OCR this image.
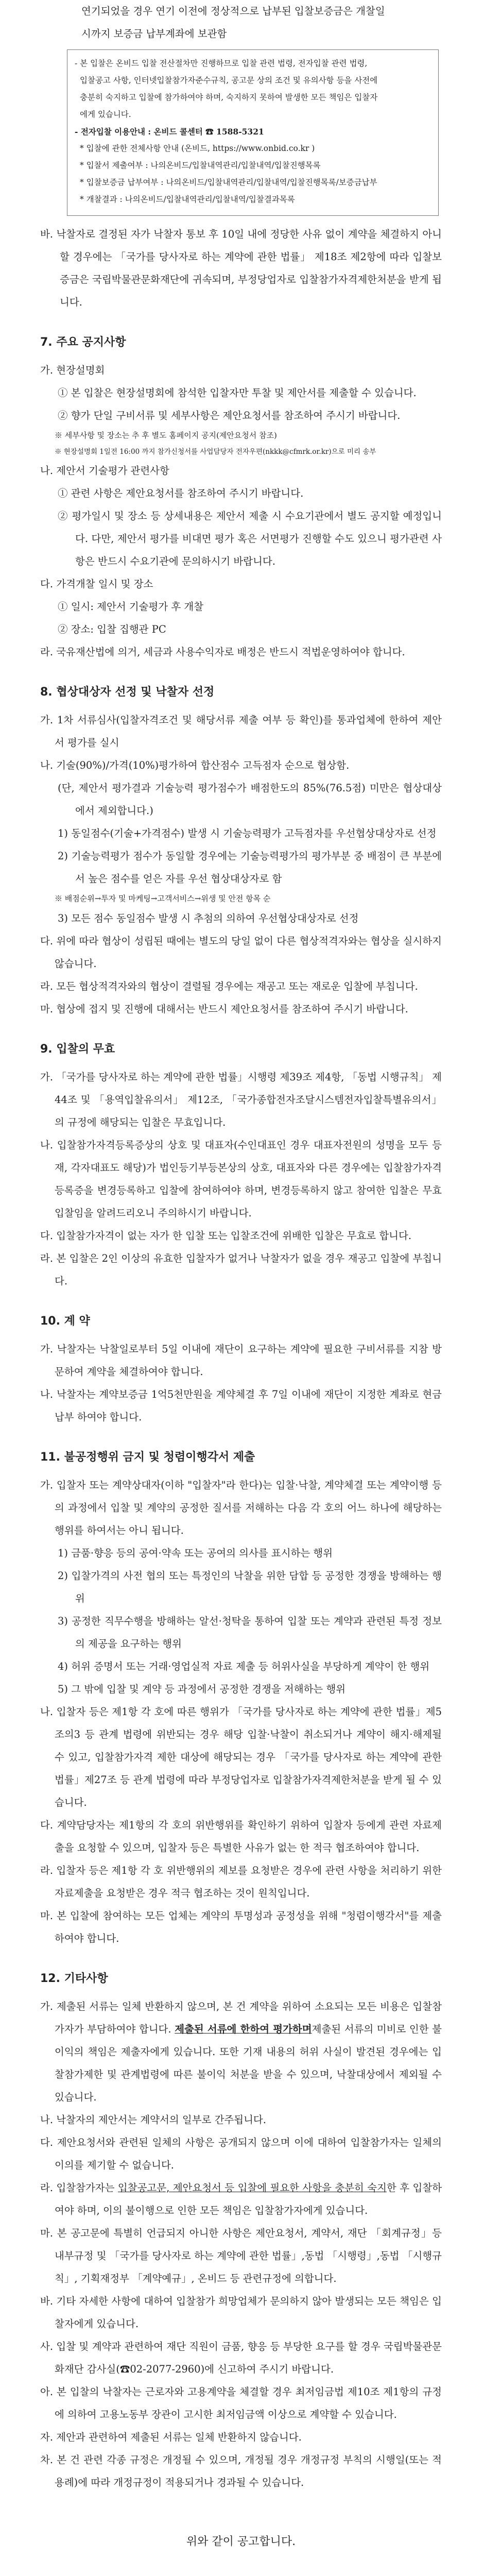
연기되었을 경우 연기 이전에 정상적으로 납부된 입찰보증금은 개찰일

시까지 보증금 납부계좌에 보관함

- 본 입찰은 온비드 입찰 전산절차만 진행하므로 입찰 관련 법령, 전자입찰 관련 법령,

입찰공고 사항, 인터넷입찰참가자준수규칙, 공고문 상의 조건 및 유의사항 등을 사전에

충분히 숙지하고 입찰에 참가하여야 하며, 숙지하지 못하여 발생한 모든 책임은 입찰자

에게 있습니다.

- 전자입찰 이용안내 : 온비드 콜센터 ☎ 1588-5321

* 입찰에 관한 전체사항 안내 (온비드, https://www.onbid.co.kr )

* 입찰서 제출여부 : 나의온비드/입찰내역관리/입찰내역/입찰진행목록

* 입찰보증금 납부여부 : 나의온비드/입찰내역관리/입찰내역/입찰진행목록/보증금납부

* 개찰결과 : 나의온비드/입찰내역관리/입찰내역/입찰결과목록

바. 낙찰자로 결정된 자가 낙찰자 통보 후 10일 내에 정당한 사유 없이 계약을 체결하지 아니할 경우에는 「국가를 당사자로 하는 계약에 관한 법률」 제18조 제2항에 따라 입찰보증금은 국립박물관문화재단에 귀속되며, 부정당업자로 입찰참가자격제한처분을 받게 됩니다.

7. 주요 공지사항

가. 현장설명회

① 본 입찰은 현장설명회에 참석한 입찰자만 투찰 및 제안서를 제출할 수 있습니다.

② 향가 단일 구비서류 및 세부사항은 제안요청서를 참조하여 주시기 바랍니다.

※ 세부사항 및 장소는 추 후 별도 홈페이지 공지(제안요청서 참조)

※ 현장설명회 1일전 16:00 까지 참가신청서를 사업담당자 전자우편(nkkk@cfmrk.or.kr)으로 미리 송부

나. 제안서 기술평가 관련사항

① 관련 사항은 제안요청서를 참조하여 주시기 바랍니다.

② 평가일시 및 장소 등 상세내용은 제안서 제출 시 수요기관에서 별도 공지할 예정입니다. 다만, 제안서 평가를 비대면 평가 혹은 서면평가 진행할 수도 있으니 평가관련 사항은 반드시 수요기관에 문의하시기 바랍니다.

다. 가격개찰 일시 및 장소

① 일시: 제안서 기술평가 후 개찰

② 장소: 입찰 집행관 PC

라. 국유재산법에 의거, 세금과 사용수익자로 배정은 반드시 적법운영하여야 합니다.

8. 협상대상자 선정 및 낙찰자 선정

가. 1차 서류심사(입찰자격조건 및 해당서류 제출 여부 등 확인)를 통과업체에 한하여 제안서 평가를 실시

나. 기술(90%)/가격(10%)평가하여 합산점수 고득점자 순으로 협상함.

(단, 제안서 평가결과 기술능력 평가점수가 배점한도의 85%(76.5점) 미만은 협상대상에서 제외합니다.)

1) 동일점수(기술+가격점수) 발생 시 기술능력평가 고득점자를 우선협상대상자로 선정

2) 기술능력평가 점수가 동일할 경우에는 기술능력평가의 평가부분 중 배점이 큰 부분에서 높은 점수를 얻은 자를 우선 협상대상자로 함

※ 배점순위→투자 및 마케팅→고객서비스→위생 및 안전 항목 순

3) 모든 점수 동일점수 발생 시 추첨의 의하여 우선협상대상자로 선정

다. 위에 따라 협상이 성립된 때에는 별도의 당일 없이 다른 협상적격자와는 협상을 실시하지 않습니다.

라. 모든 협상적격자와의 협상이 결렬될 경우에는 재공고 또는 재로운 입찰에 부칩니다.

마. 협상에 접지 및 진행에 대해서는 반드시 제안요청서를 참조하여 주시기 바랍니다.

9. 입찰의 무효

가. 「국가를 당사자로 하는 계약에 관한 법률」시행령 제39조 제4항, 「동법 시행규칙」 제44조 및 「용역입찰유의서」 제12조, 「국가종합전자조달시스템전자입찰특별유의서」의 규정에 해당되는 입찰은 무효입니다.

나. 입찰참가자격등록증상의 상호 및 대표자(수인대표인 경우 대표자전원의 성명을 모두 등재, 각자대표도 해당)가 법인등기부등본상의 상호, 대표자와 다른 경우에는 입찰참가자격등록증을 변경등록하고 입찰에 참여하여야 하며, 변경등록하지 않고 참여한 입찰은 무효입찰임을 알려드리오니 주의하시기 바랍니다.

다. 입찰참가자격이 없는 자가 한 입찰 또는 입찰조건에 위배한 입찰은 무효로 합니다.

라. 본 입찰은 2인 이상의 유효한 입찰자가 없거나 낙찰자가 없을 경우 재공고 입찰에 부칩니다.

10. 계 약

가. 낙찰자는 낙찰일로부터 5일 이내에 재단이 요구하는 계약에 필요한 구비서류를 지참 방문하여 계약을 체결하여야 합니다.

나. 낙찰자는 계약보증금 1억5천만원을 계약체결 후 7일 이내에 재단이 지정한 계좌로 현금 납부 하여야 합니다.

11. 불공정행위 금지 및 청렴이행각서 제출

가. 입찰자 또는 계약상대자(이하 "입찰자"라 한다)는 입찰·낙찰, 계약체결 또는 계약이행 등의 과정에서 입찰 및 계약의 공정한 질서를 저해하는 다음 각 호의 어느 하나에 해당하는 행위를 하여서는 아니 됩니다.

1) 금품·향응 등의 공여·약속 또는 공여의 의사를 표시하는 행위

2) 입찰가격의 사전 협의 또는 특정인의 낙찰을 위한 담합 등 공정한 경쟁을 방해하는 행위

3) 공정한 직무수행을 방해하는 알선·청탁을 통하여 입찰 또는 계약과 관련된 특정 정보의 제공을 요구하는 행위

4) 허위 증명서 또는 거래·영업실적 자료 제출 등 허위사실을 부당하게 계약이 한 행위

5) 그 밖에 입찰 및 계약 등 과정에서 공정한 경쟁을 저해하는 행위

나. 입찰자 등은 제1항 각 호에 따른 행위가 「국가를 당사자로 하는 계약에 관한 법률」제5조의3 등 관계 법령에 위반되는 경우 해당 입찰·낙찰이 취소되거나 계약이 해지·해제될 수 있고, 입찰참가자격 제한 대상에 해당되는 경우 「국가를 당사자로 하는 계약에 관한 법률」제27조 등 관계 법령에 따라 부정당업자로 입찰참가자격제한처분을 받게 될 수 있습니다.

다. 계약담당자는 제1항의 각 호의 위반행위를 확인하기 위하여 입찰자 등에게 관련 자료제출을 요청할 수 있으며, 입찰자 등은 특별한 사유가 없는 한 적극 협조하여야 합니다.

라. 입찰자 등은 제1항 각 호 위반행위의 제보를 요청받은 경우에 관련 사항을 처리하기 위한 자료제출을 요청받은 경우 적극 협조하는 것이 원칙입니다.

마. 본 입찰에 참여하는 모든 업체는 계약의 투명성과 공정성을 위해 "청렴이행각서"를 제출하여야 합니다.

12. 기타사항

가. 제출된 서류는 일체 반환하지 않으며, 본 건 계약을 위하여 소요되는 모든 비용은 입찰참가자가 부담하여야 합니다. 제출된 서류에 한하여 평가하며제출된 서류의 미비로 인한 불이익의 책임은 제출자에게 있습니다. 또한 기재 내용의 허위 사실이 발견된 경우에는 입찰참가제한 및 관계법령에 따른 불이익 처분을 받을 수 있으며, 낙찰대상에서 제외될 수 있습니다.

나. 낙찰자의 제안서는 계약서의 일부로 간주됩니다.

다. 제안요청서와 관련된 일체의 사항은 공개되지 않으며 이에 대하여 입찰참가자는 일체의 이의를 제기할 수 없습니다.

라. 입찰참가자는 입찰공고문, 제안요청서 등 입찰에 필요한 사항을 충분히 숙지한 후 입찰하여야 하며, 이의 불이행으로 인한 모든 책임은 입찰참가자에게 있습니다.

마. 본 공고문에 특별히 언급되지 아니한 사항은 제안요청서, 계약서, 재단 「회계규정」등 내부규정 및 「국가를 당사자로 하는 계약에 관한 법률」,동법 「시행령」,동법 「시행규칙」, 기획재정부 「계약예규」, 온비드 등 관련규정에 의합니다.

바. 기타 자세한 사항에 대하여 입찰참가 희망업체가 문의하지 않아 발생되는 모든 책임은 입찰자에게 있습니다.

사. 입찰 및 계약과 관련하여 재단 직원이 금품, 향응 등 부당한 요구를 할 경우 국립박물관문화재단 감사실(☎02-2077-2960)에 신고하여 주시기 바랍니다.

아. 본 입찰의 낙찰자는 근로자와 고용계약을 체결할 경우 최저임금법 제10조 제1항의 규정에 의하여 고용노동부 장관이 고시한 최저임금액 이상으로 계약할 수 있습니다.

자. 제안과 관련하여 제출된 서류는 일체 반환하지 않습니다.

차. 본 건 관련 각종 규정은 개정될 수 있으며, 개정될 경우 개정규정 부칙의 시행일(또는 적용례)에 따라 개정규정이 적용되거나 경과될 수 있습니다.

위와 같이 공고합니다.
